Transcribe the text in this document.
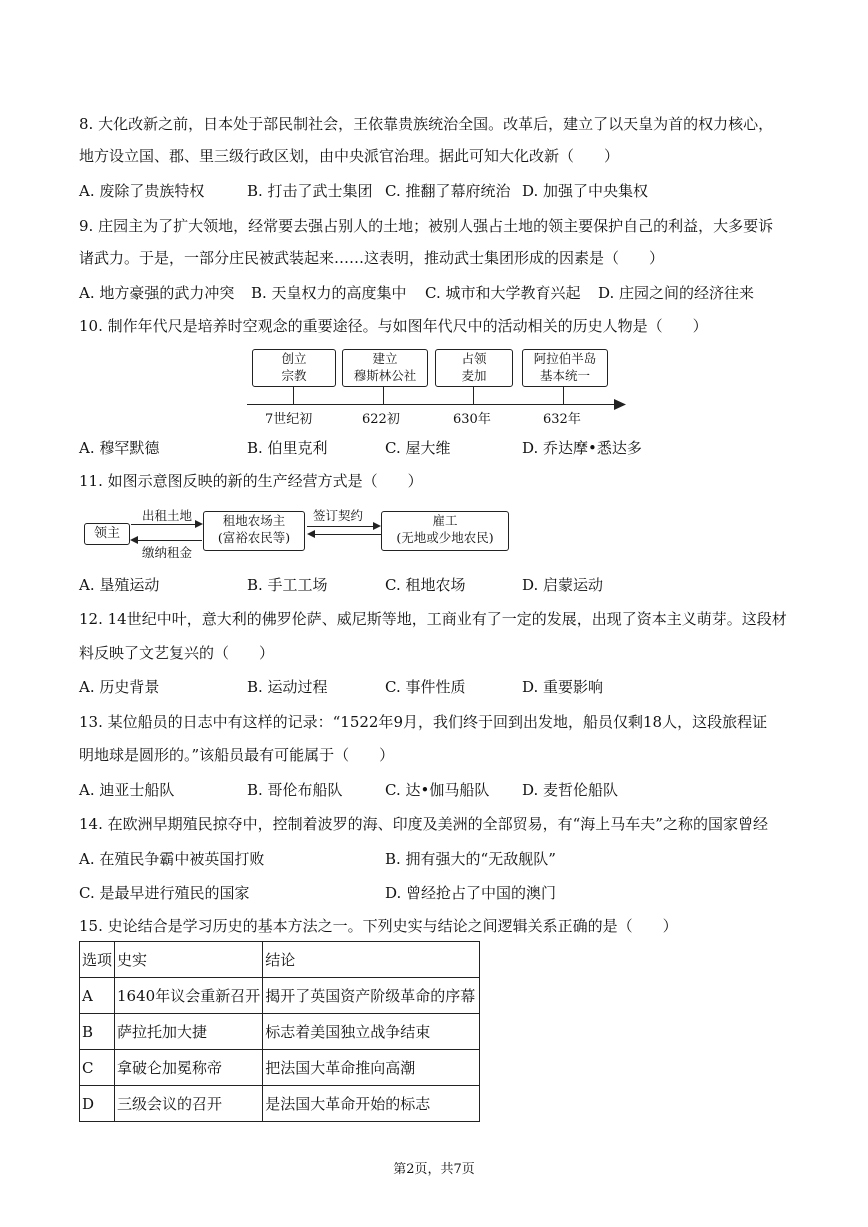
8. 大化改新之前，日本处于部民制社会，王依靠贵族统治全国。改革后，建立了以天皇为首的权力核心，
地方设立国、郡、里三级行政区划，由中央派官治理。据此可知大化改新（　　）
A. 废除了贵族特权	B. 打击了武士集团 C. 推翻了幕府统治 D. 加强了中央集权
9. 庄园主为了扩大领地，经常要去强占别人的土地；被别人强占土地的领主要保护自己的利益，大多要诉
诸武力。于是，一部分庄民被武装起来……这表明，推动武士集团形成的因素是（　　）
A. 地方豪强的武力冲突 B. 天皇权力的高度集中 C. 城市和大学教育兴起 D. 庄园之间的经济往来
10. 制作年代尺是培养时空观念的重要途径。与如图年代尺中的活动相关的历史人物是（　　）
创立
宗教
建立
穆斯林公社
占领
麦加
阿拉伯半岛
基本统一
7世纪初	622初	630年	632年
A. 穆罕默德	B. 伯里克利	C. 屋大维	D. 乔达摩•悉达多
11. 如图示意图反映的新的生产经营方式是（　　）
领主
出租土地
缴纳租金
租地农场主
(富裕农民等)
签订契约	雇工
(无地或少地农民)
A. 垦殖运动	B. 手工工场	C. 租地农场	D. 启蒙运动
12. 14世纪中叶，意大利的佛罗伦萨、威尼斯等地，工商业有了一定的发展，出现了资本主义萌芽。这段材
料反映了文艺复兴的（　　）
A. 历史背景	B. 运动过程	C. 事件性质	D. 重要影响
13. 某位船员的日志中有这样的记录：“1522年9月，我们终于回到出发地，船员仅剩18人，这段旅程证
明地球是圆形的。”该船员最有可能属于（　　）
A. 迪亚士船队	B. 哥伦布船队	C. 达•伽马船队 D. 麦哲伦船队
14. 在欧洲早期殖民掠夺中，控制着波罗的海、印度及美洲的全部贸易，有“海上马车夫”之称的国家曾经
A. 在殖民争霸中被英国打败	B. 拥有强大的“无敌舰队”
C. 是最早进行殖民的国家	D. 曾经抢占了中国的澳门
15. 史论结合是学习历史的基本方法之一。下列史实与结论之间逻辑关系正确的是（　　）
选项	史实	结论
A	1640年议会重新召开	揭开了英国资产阶级革命的序幕
B	萨拉托加大捷	标志着美国独立战争结束
C	拿破仑加冕称帝	把法国大革命推向高潮
D	三级会议的召开	是法国大革命开始的标志
第2页，共7页
